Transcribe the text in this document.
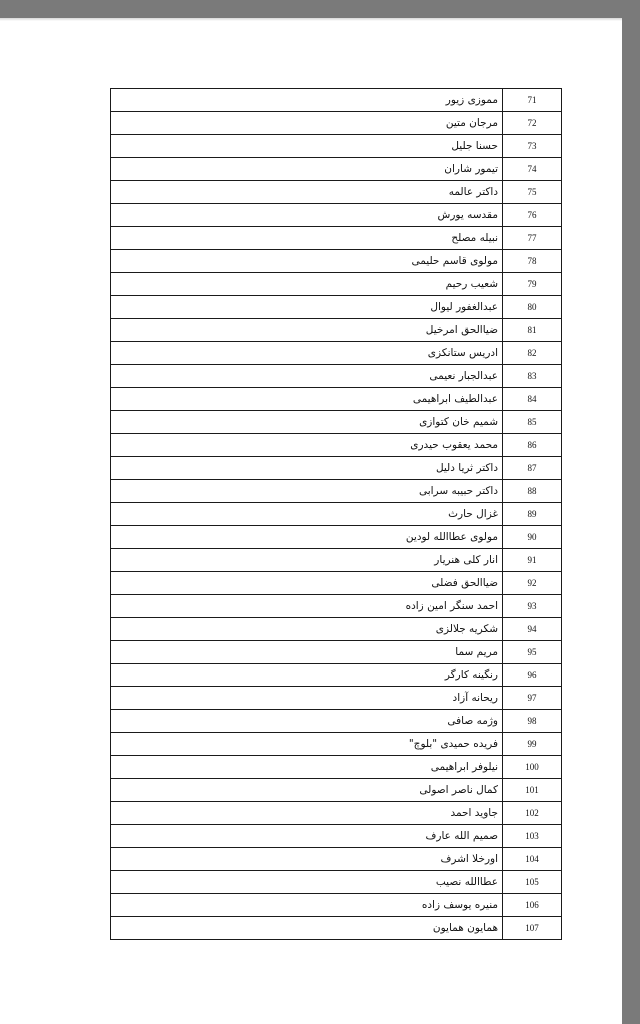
مموزی زیور	71
مرجان متین	72
حسنا جلیل	73
تیمور شاران	74
داکتر عالمه	75
مقدسه یورش	76
نبیله مصلح	77
مولوی قاسم حلیمی	78
شعیب رحیم	79
عبدالغفور لیوال	80
ضیاالحق امرخیل	81
ادریس ستانکزی	82
عبدالجبار نعیمی	83
عبدالطیف ابراهیمی	84
شمیم خان کتوازی	85
محمد یعقوب حیدری	86
داکتر ثریا دلیل	87
داکتر حبیبه سرابی	88
غزال حارث	89
مولوی عطاالله لودین	90
انار کلی هنریار	91
ضیاالحق فضلی	92
احمد سنگر امین زاده	93
شکریه جلالزی	94
مریم سما	95
رنگینه کارگر	96
ریحانه آزاد	97
وژمه صافی	98
فریده حمیدی "بلوچ"	99
نیلوفر ابراهیمی	100
کمال ناصر اصولی	101
جاوید احمد	102
صمیم الله عارف	103
اورخلا اشرف	104
عطاالله نصیب	105
منیره یوسف زاده	106
همایون همایون	107
